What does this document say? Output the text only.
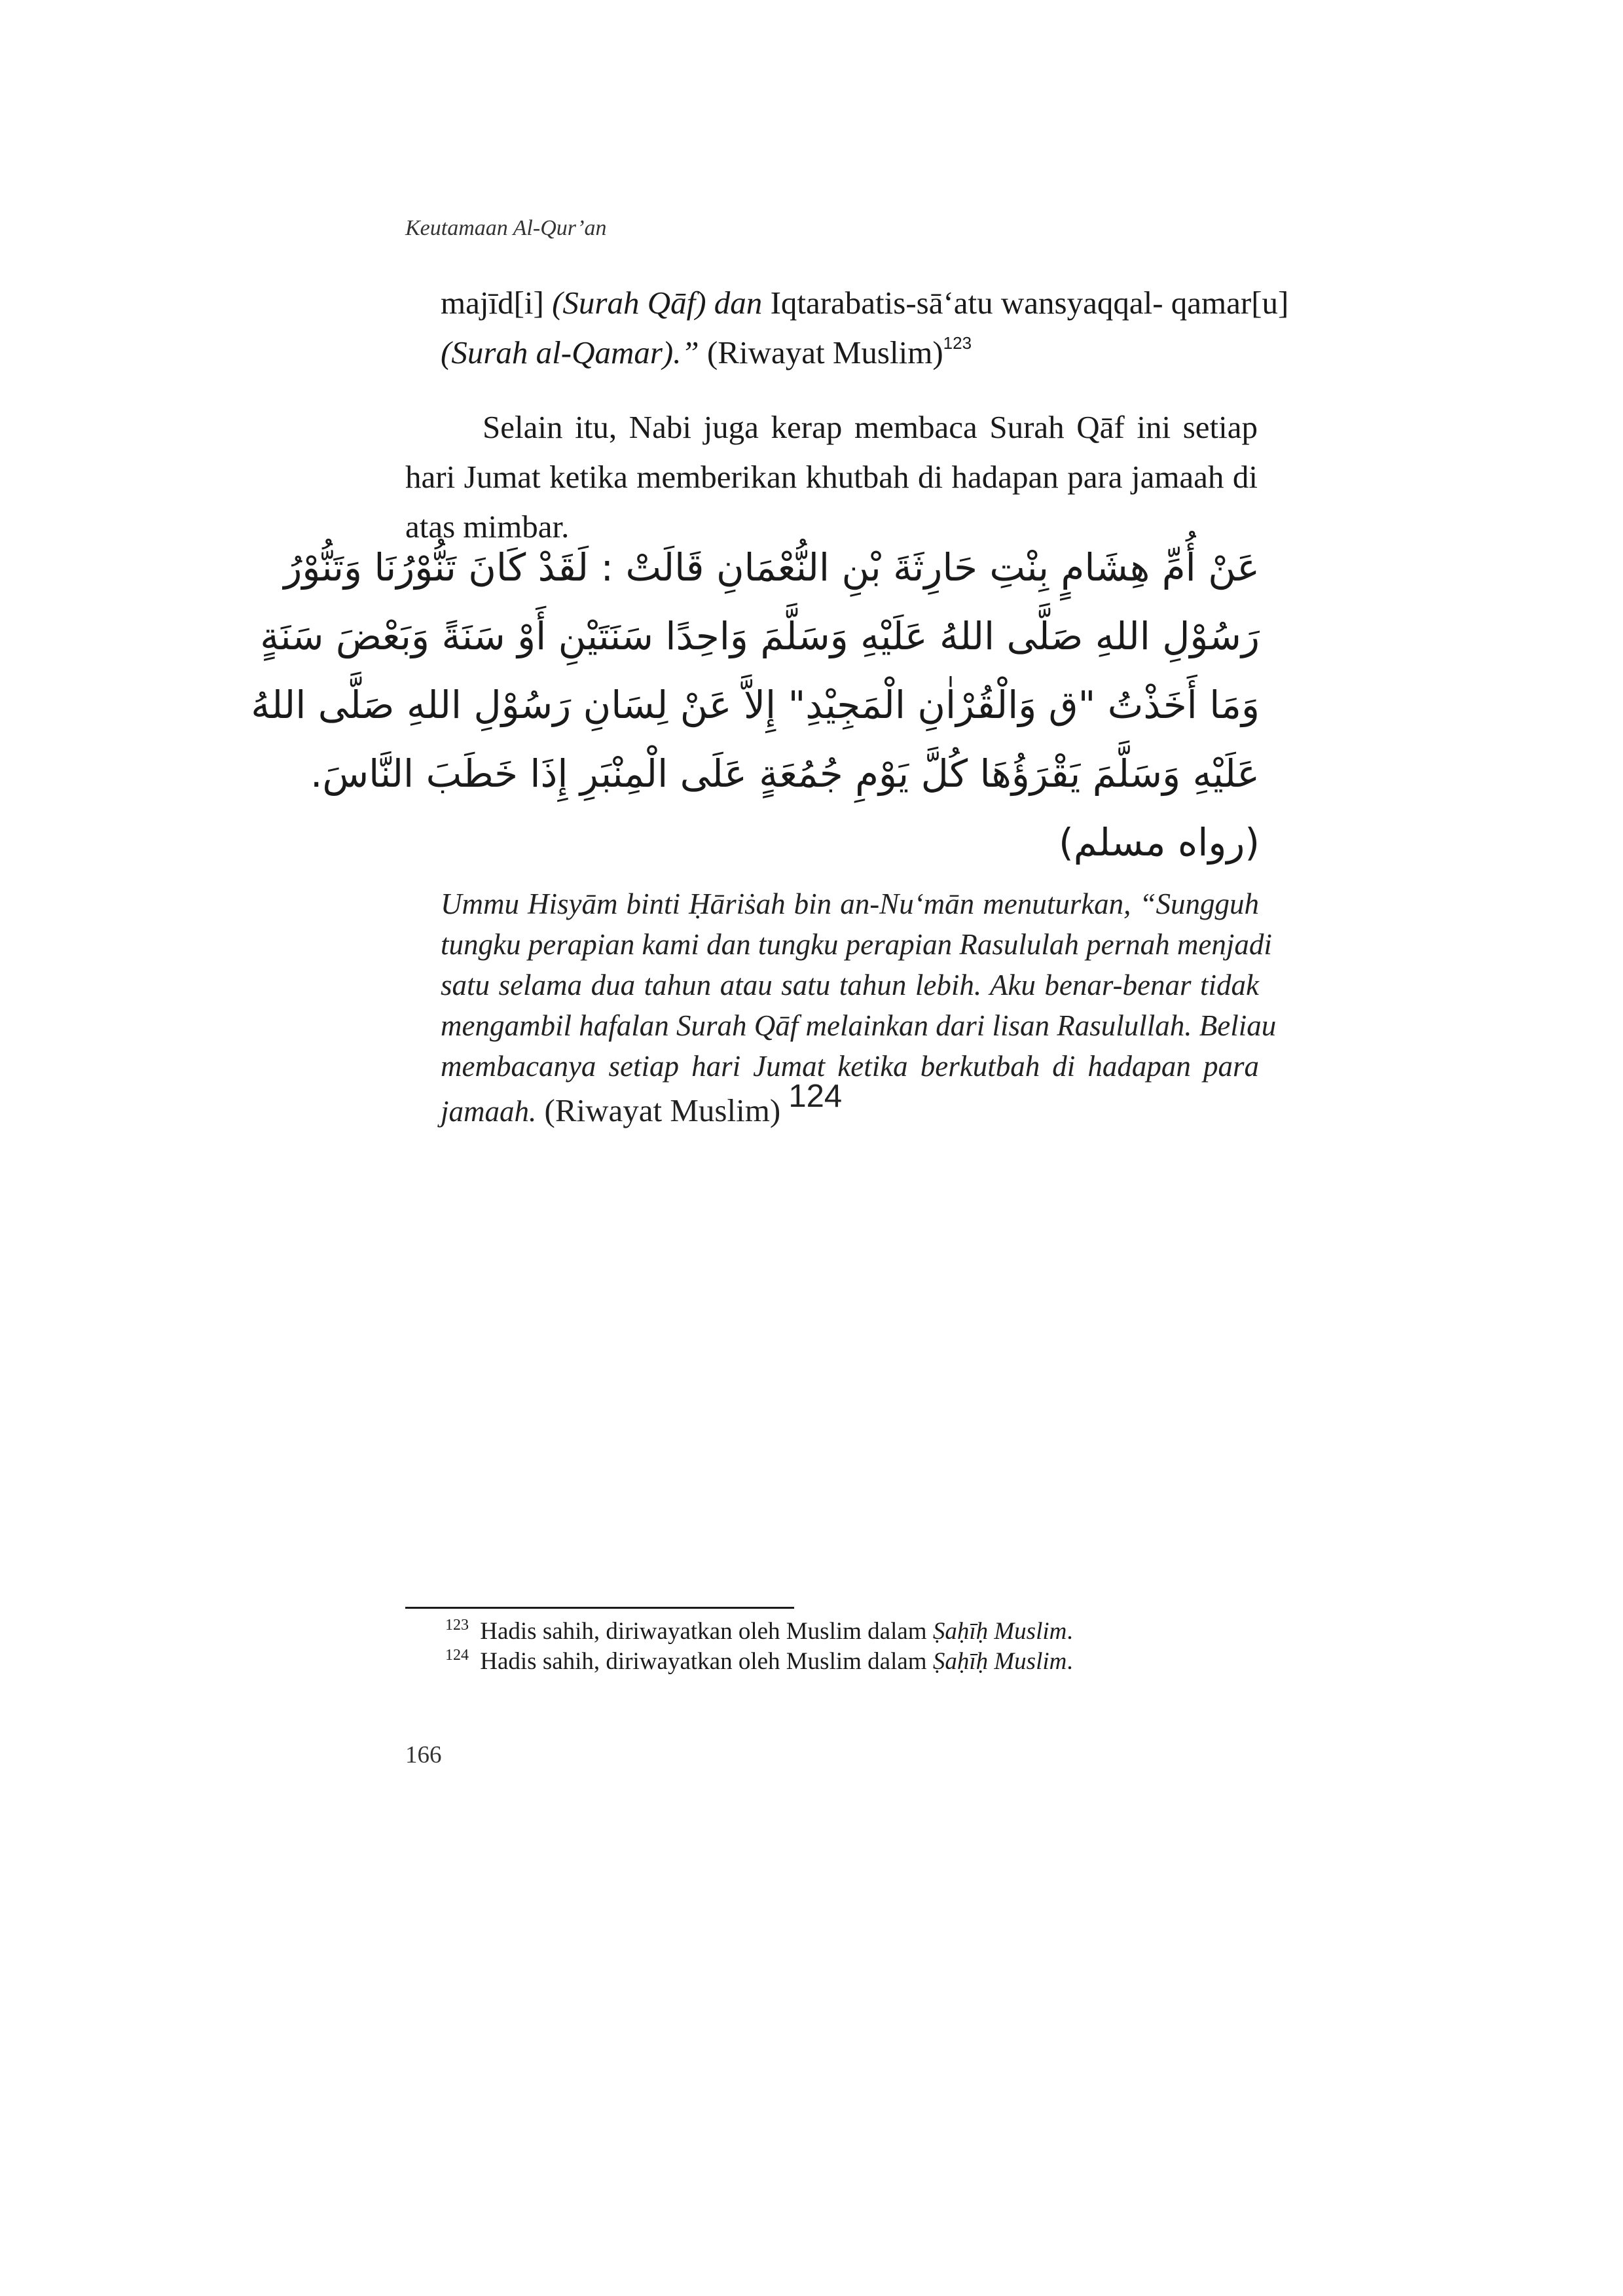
Keutamaan Al-Qur’an
majīd[i] (Surah Qāf) dan Iqtarabatis-sā‘atu wansyaqqal- qamar[u]
(Surah al-Qamar).” (Riwayat Muslim)$^{123}$
Selain itu, Nabi juga kerap membaca Surah Qāf ini setiap hari Jumat ketika memberikan khutbah di hadapan para jamaah di atas mimbar.
عَنْ أُمِّ هِشَامٍ بِنْتِ حَارِثَةَ بْنِ النُّعْمَانِ قَالَتْ : لَقَدْ كَانَ تَنُّوْرُنَا وَتَنُّوْرُ
رَسُوْلِ اللهِ صَلَّى اللهُ عَلَيْهِ وَسَلَّمَ وَاحِدًا سَنَتَيْنِ أَوْ سَنَةً وَبَعْضَ سَنَةٍ
وَمَا أَخَذْتُ "ق وَالْقُرْاٰنِ الْمَجِيْدِ" إِلاَّ عَنْ لِسَانِ رَسُوْلِ اللهِ صَلَّى اللهُ
عَلَيْهِ وَسَلَّمَ يَقْرَؤُهَا كُلَّ يَوْمِ جُمُعَةٍ عَلَى الْمِنْبَرِ إِذَا خَطَبَ النَّاسَ.
(رواه مسلم)
Ummu Hisyām binti Ḥāriṡah bin an-Nu‘mān menuturkan, “Sungguh
tungku perapian kami dan tungku perapian Rasululah pernah menjadi
satu selama dua tahun atau satu tahun lebih. Aku benar-benar tidak
mengambil hafalan Surah Qāf melainkan dari lisan Rasulullah. Beliau
membacanya setiap hari Jumat ketika berkutbah di hadapan para
jamaah. (Riwayat Muslim) 124
$^{123}$ Hadis sahih, diriwayatkan oleh Muslim dalam Ṣaḥīḥ Muslim.
$^{124}$ Hadis sahih, diriwayatkan oleh Muslim dalam Ṣaḥīḥ Muslim.
166
